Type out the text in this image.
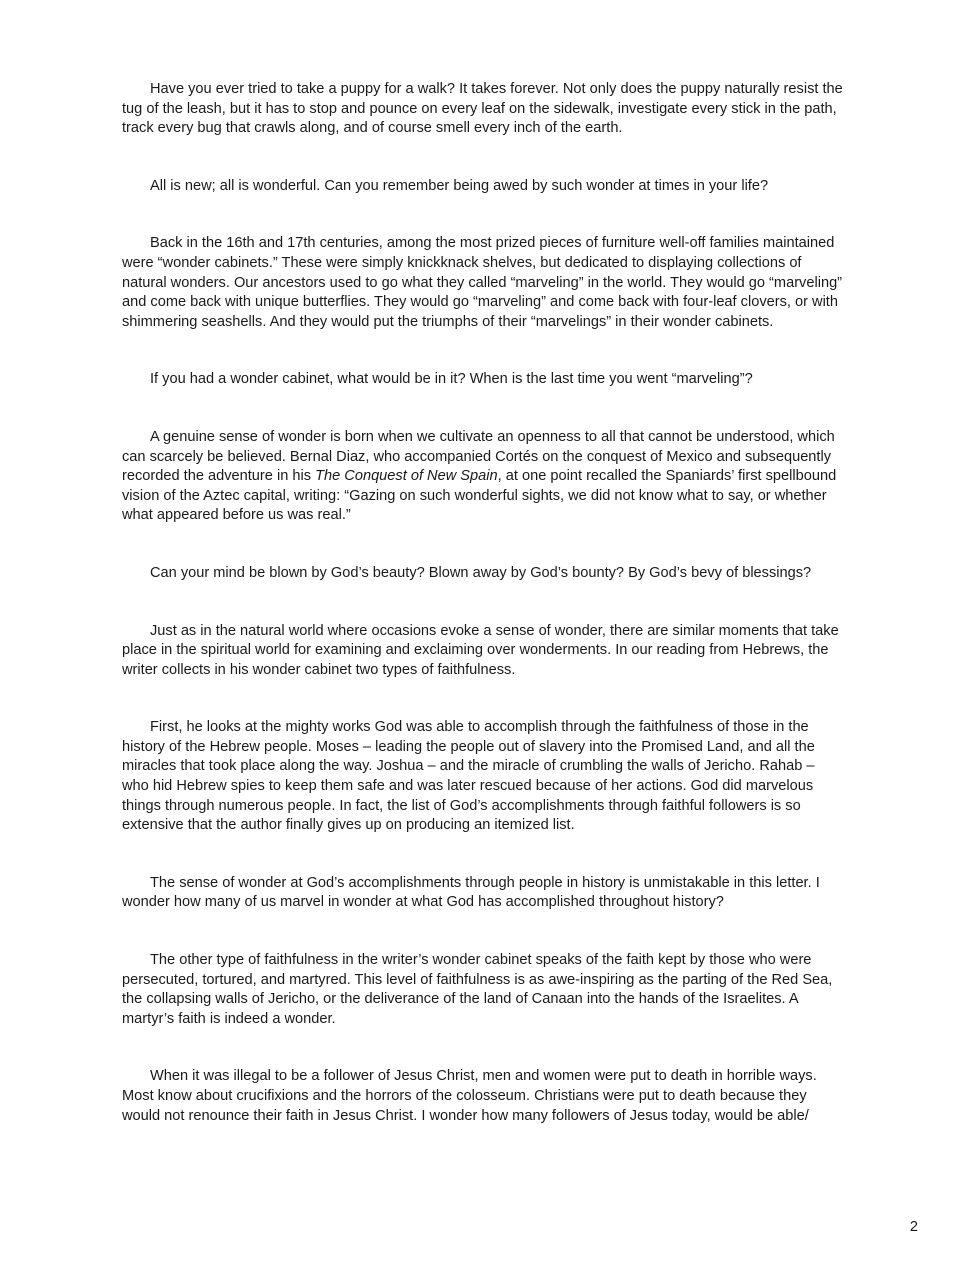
Have you ever tried to take a puppy for a walk? It takes forever. Not only does the puppy naturally resist the tug of the leash, but it has to stop and pounce on every leaf on the sidewalk, investigate every stick in the path, track every bug that crawls along, and of course smell every inch of the earth.

All is new; all is wonderful. Can you remember being awed by such wonder at times in your life?

Back in the 16th and 17th centuries, among the most prized pieces of furniture well-off families maintained were “wonder cabinets.” These were simply knickknack shelves, but dedicated to displaying collections of natural wonders. Our ancestors used to go what they called “marveling” in the world. They would go “marveling” and come back with unique butterflies. They would go “marveling” and come back with four-leaf clovers, or with shimmering seashells. And they would put the triumphs of their “marvelings” in their wonder cabinets.

If you had a wonder cabinet, what would be in it? When is the last time you went “marveling”?

A genuine sense of wonder is born when we cultivate an openness to all that cannot be understood, which can scarcely be believed. Bernal Diaz, who accompanied Cortés on the conquest of Mexico and subsequently recorded the adventure in his The Conquest of New Spain, at one point recalled the Spaniards’ first spellbound vision of the Aztec capital, writing: “Gazing on such wonderful sights, we did not know what to say, or whether what appeared before us was real.”

Can your mind be blown by God’s beauty? Blown away by God’s bounty? By God’s bevy of blessings?

Just as in the natural world where occasions evoke a sense of wonder, there are similar moments that take place in the spiritual world for examining and exclaiming over wonderments. In our reading from Hebrews, the writer collects in his wonder cabinet two types of faithfulness.

First, he looks at the mighty works God was able to accomplish through the faithfulness of those in the history of the Hebrew people. Moses – leading the people out of slavery into the Promised Land, and all the miracles that took place along the way. Joshua – and the miracle of crumbling the walls of Jericho. Rahab – who hid Hebrew spies to keep them safe and was later rescued because of her actions. God did marvelous things through numerous people. In fact, the list of God’s accomplishments through faithful followers is so extensive that the author finally gives up on producing an itemized list.

The sense of wonder at God’s accomplishments through people in history is unmistakable in this letter. I wonder how many of us marvel in wonder at what God has accomplished throughout history?

The other type of faithfulness in the writer’s wonder cabinet speaks of the faith kept by those who were persecuted, tortured, and martyred. This level of faithfulness is as awe-inspiring as the parting of the Red Sea, the collapsing walls of Jericho, or the deliverance of the land of Canaan into the hands of the Israelites. A martyr’s faith is indeed a wonder.

When it was illegal to be a follower of Jesus Christ, men and women were put to death in horrible ways. Most know about crucifixions and the horrors of the colosseum. Christians were put to death because they would not renounce their faith in Jesus Christ. I wonder how many followers of Jesus today, would be able/

2
